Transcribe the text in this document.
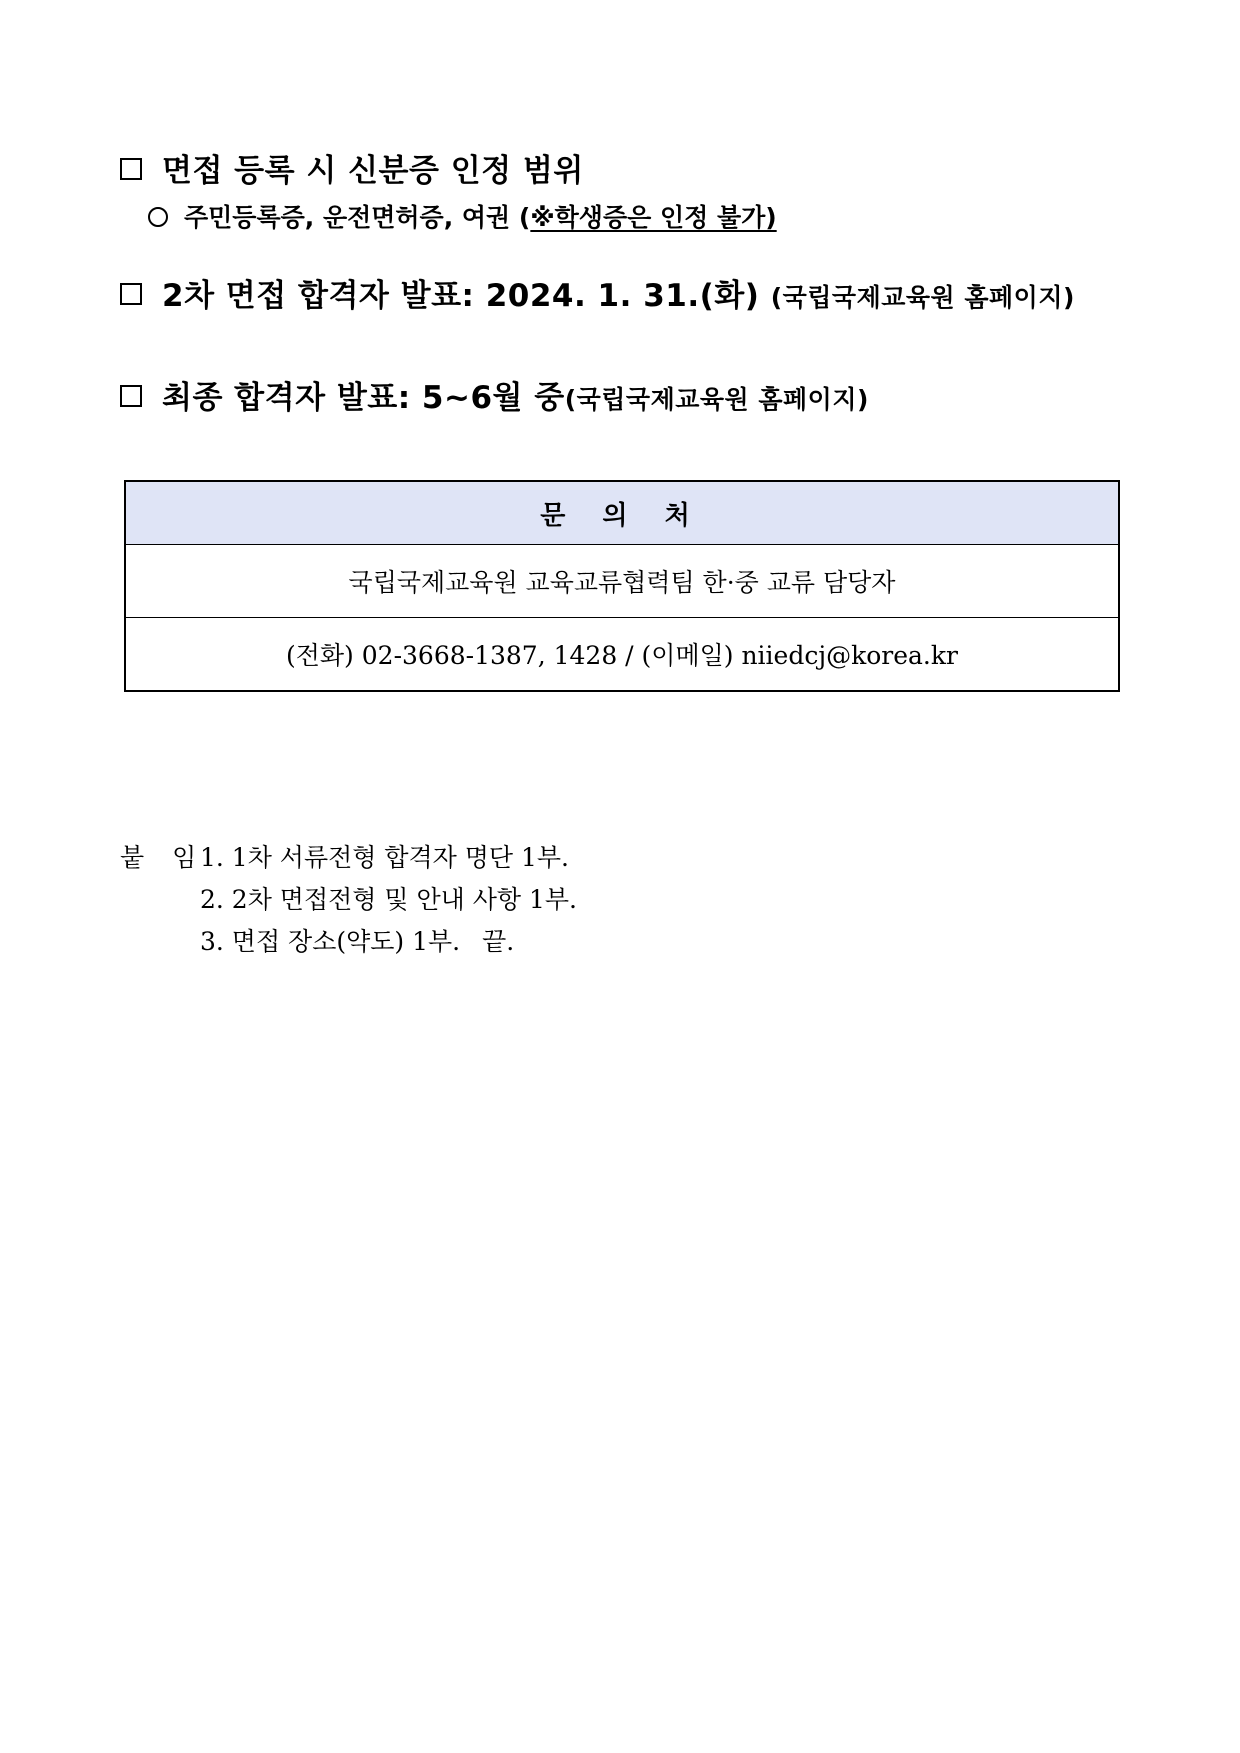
면접 등록 시 신분증 인정 범위
주민등록증, 운전면허증, 여권 (※학생증은 인정 불가)
2차 면접 합격자 발표: 2024. 1. 31.(화) (국립국제교육원 홈페이지)
최종 합격자 발표: 5~6월 중(국립국제교육원 홈페이지)
문 의 처
국립국제교육원 교육교류협력팀 한·중 교류 담당자
(전화) 02-3668-1387, 1428 / (이메일) niiedcj@korea.kr
붙 임1. 1차 서류전형 합격자 명단 1부.
2. 2차 면접전형 및 안내 사항 1부.
3. 면접 장소(약도) 1부. 끝.
